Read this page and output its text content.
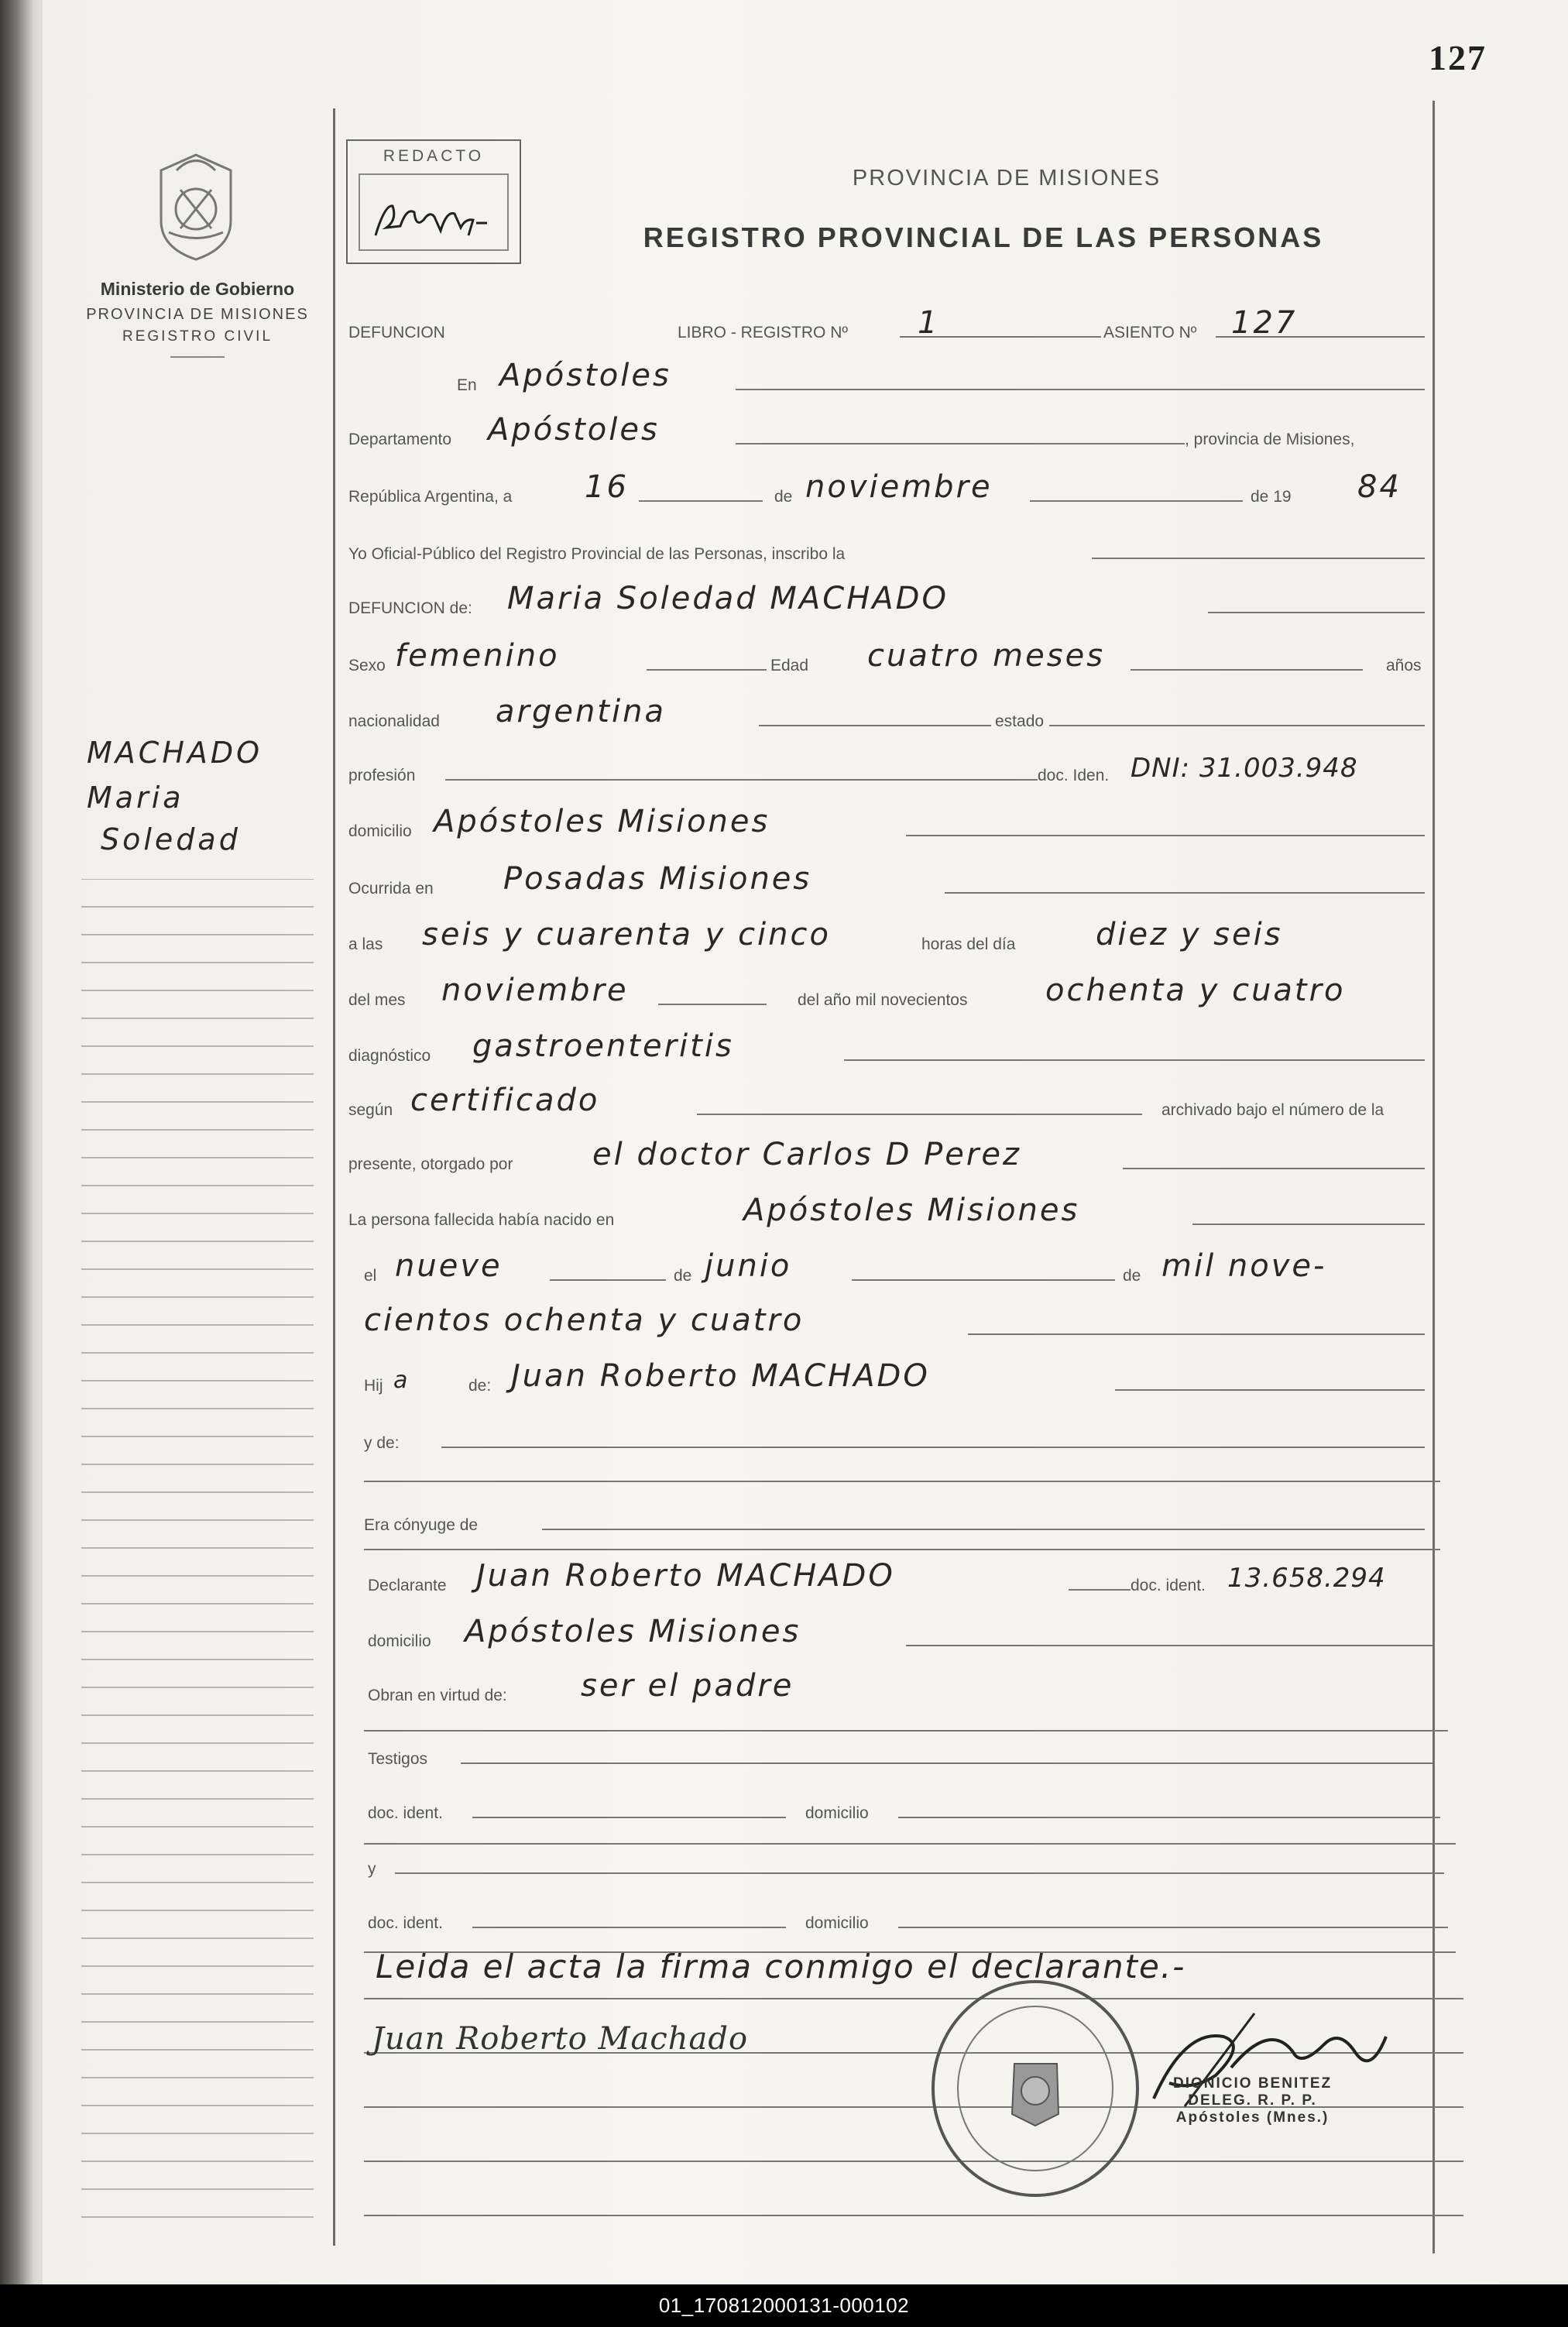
127
Ministerio de Gobierno
PROVINCIA DE MISIONES
REGISTRO CIVIL
MACHADO
Maria
Soledad
REDACTO
PROVINCIA DE MISIONES
REGISTRO PROVINCIAL DE LAS PERSONAS
DEFUNCION	LIBRO - REGISTRO Nº 1	ASIENTO Nº 127
En Apóstoles
Departamento Apóstoles	, provincia de Misiones,
República Argentina, a 16	de noviembre	de 19 84
Yo Oficial-Público del Registro Provincial de las Personas, inscribo la
DEFUNCION de: Maria Soledad MACHADO
Sexo femenino	Edad cuatro meses	años
nacionalidad argentina	estado
profesión	doc. Iden. DNI: 31.003.948
domicilio Apóstoles Misiones
Ocurrida en Posadas Misiones
a las seis y cuarenta y cinco	horas del día	diez y seis
del mes noviembre	del año mil novecientos	ochenta y cuatro
diagnóstico gastroenteritis
según certificado	archivado bajo el número de la
presente, otorgado por	el doctor Carlos D Perez
La persona fallecida había nacido en	Apóstoles Misiones
el nueve	de junio	de mil nove-
cientos ochenta y cuatro
Hij a	de: Juan Roberto MACHADO
y de:
Era cónyuge de
Declarante Juan Roberto MACHADO	doc. ident. 13.658.294
domicilio Apóstoles Misiones
Obran en virtud de: ser el padre
Testigos
doc. ident.	domicilio
y
doc. ident.	domicilio
Leida el acta la firma conmigo el declarante.-
Juan Roberto Machado
DIONICIO BENITEZ
DELEG. R. P. P.
Apóstoles (Mnes.)
01_170812000131-000102
